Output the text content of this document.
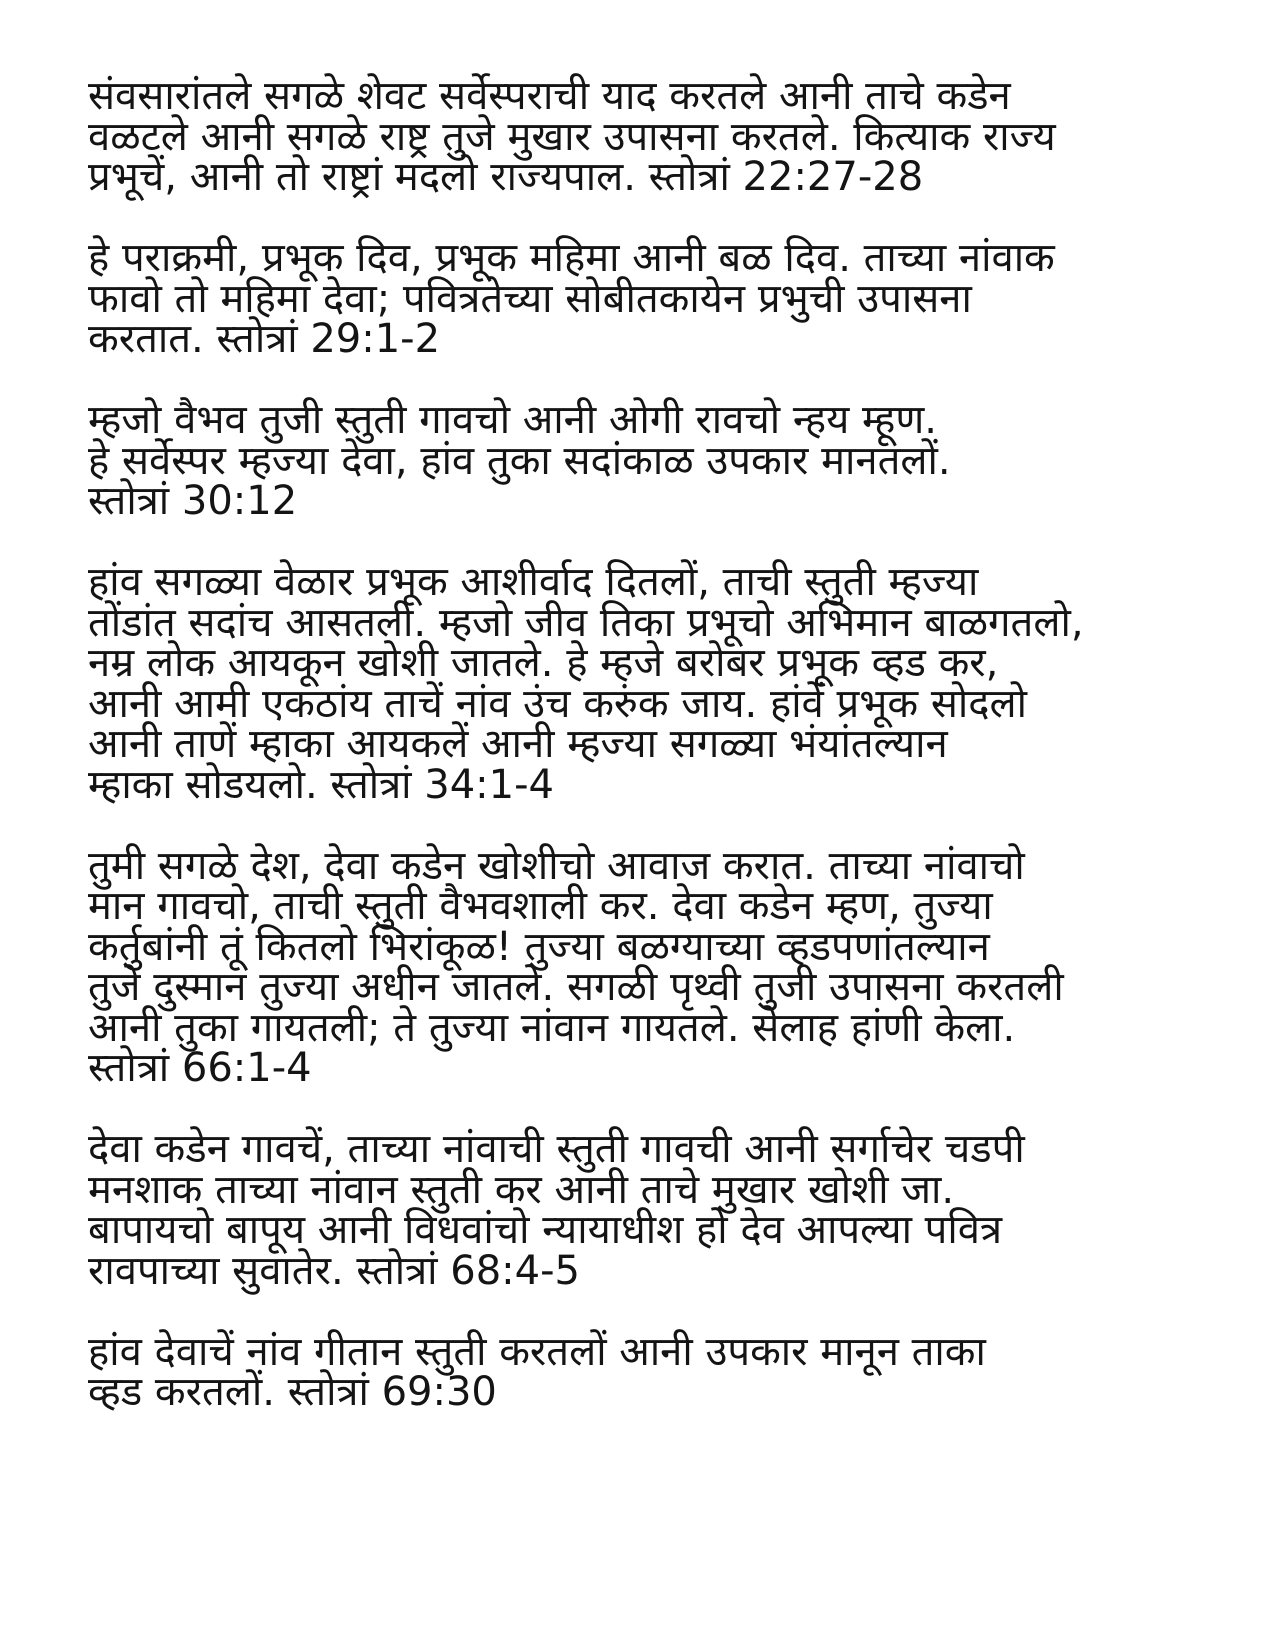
संवसारांतले सगळे शेवट सर्वेस्पराची याद करतले आनी ताचे कडेन
वळटले आनी सगळे राष्ट्र तुजे मुखार उपासना करतले. कित्याक राज्य
प्रभूचें, आनी तो राष्ट्रां मदलो राज्यपाल. स्तोत्रां 22:27-28
हे पराक्रमी, प्रभूक दिव, प्रभूक महिमा आनी बळ दिव. ताच्या नांवाक
फावो तो महिमा देवा; पवित्रतेच्या सोबीतकायेन प्रभुची उपासना
करतात. स्तोत्रां 29:1-2
म्हजो वैभव तुजी स्तुती गावचो आनी ओगी रावचो न्हय म्हूण.
हे सर्वेस्पर म्हज्या देवा, हांव तुका सदांकाळ उपकार मानतलों.
स्तोत्रां 30:12
हांव सगळ्या वेळार प्रभूक आशीर्वाद दितलों, ताची स्तुती म्हज्या
तोंडांत सदांच आसतली. म्हजो जीव तिका प्रभूचो अभिमान बाळगतलो,
नम्र लोक आयकून खोशी जातले. हे म्हजे बरोबर प्रभूक व्हड कर,
आनी आमी एकठांय ताचें नांव उंच करुंक जाय. हांवें प्रभूक सोदलो
आनी ताणें म्हाका आयकलें आनी म्हज्या सगळ्या भंयांतल्यान
म्हाका सोडयलो. स्तोत्रां 34:1-4
तुमी सगळे देश, देवा कडेन खोशीचो आवाज करात. ताच्या नांवाचो
मान गावचो, ताची स्तुती वैभवशाली कर. देवा कडेन म्हण, तुज्या
कर्तुबांनी तूं कितलो भिरांकूळ! तुज्या बळग्याच्या व्हडपणांतल्यान
तुजे दुस्मान तुज्या अधीन जातले. सगळी पृथ्वी तुजी उपासना करतली
आनी तुका गायतली; ते तुज्या नांवान गायतले. सेलाह हांणी केला.
स्तोत्रां 66:1-4
देवा कडेन गावचें, ताच्या नांवाची स्तुती गावची आनी सर्गाचेर चडपी
मनशाक ताच्या नांवान स्तुती कर आनी ताचे मुखार खोशी जा.
बापायचो बापूय आनी विधवांचो न्यायाधीश हो देव आपल्या पवित्र
रावपाच्या सुवातेर. स्तोत्रां 68:4-5
हांव देवाचें नांव गीतान स्तुती करतलों आनी उपकार मानून ताका
व्हड करतलों. स्तोत्रां 69:30
